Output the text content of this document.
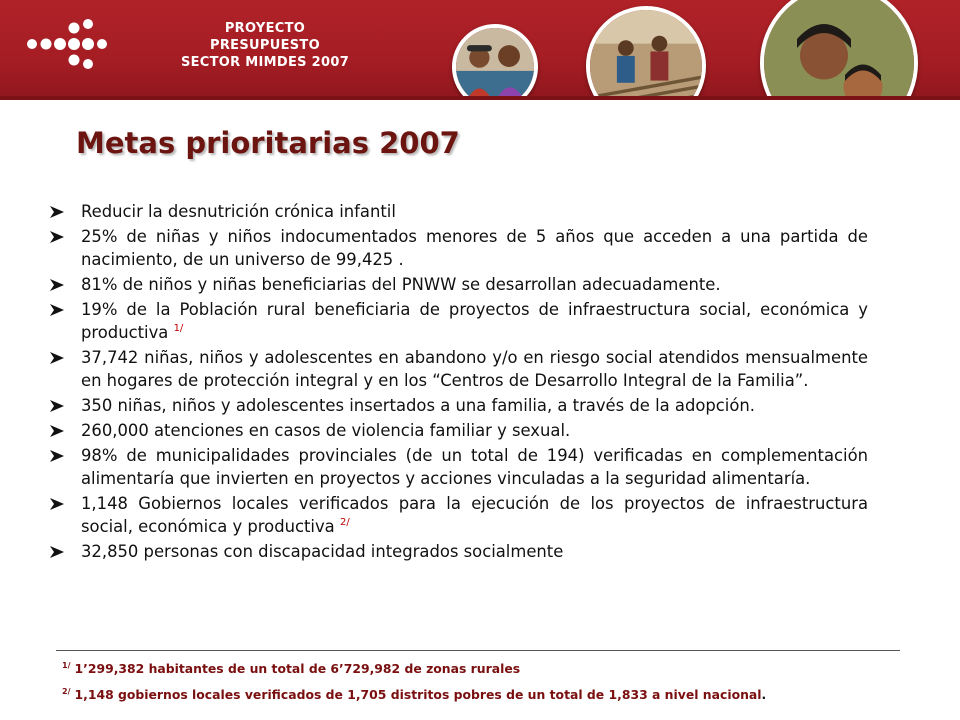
PROYECTO
PRESUPUESTO
SECTOR MIMDES 2007
Metas prioritarias 2007
Reducir la desnutrición crónica infantil
25% de niñas y niños indocumentados menores de 5 años que acceden a una partida de nacimiento, de un universo de 99,425 .
81% de niños y niñas beneficiarias del PNWW se desarrollan adecuadamente.
19% de la Población rural beneficiaria de proyectos de infraestructura social, económica y productiva $^{1/}$
37,742 niñas, niños y adolescentes en abandono y/o en riesgo social atendidos mensualmente en hogares de protección integral y en los “Centros de Desarrollo Integral de la Familia”.
350 niñas, niños y adolescentes insertados a una familia, a través de la adopción.
260,000 atenciones en casos de violencia familiar y sexual.
98% de municipalidades provinciales (de un total de 194) verificadas en complementación alimentaría que invierten en proyectos y acciones vinculadas a la seguridad alimentaría.
1,148 Gobiernos locales verificados para la ejecución de los proyectos de infraestructura social, económica y productiva $^{2/}$
32,850 personas con discapacidad integrados socialmente
$^{1/}$ 1’299,382 habitantes de un total de 6’729,982 de zonas rurales
$^{2/}$ 1,148 gobiernos locales verificados de 1,705 distritos pobres de un total de 1,833 a nivel nacional.
